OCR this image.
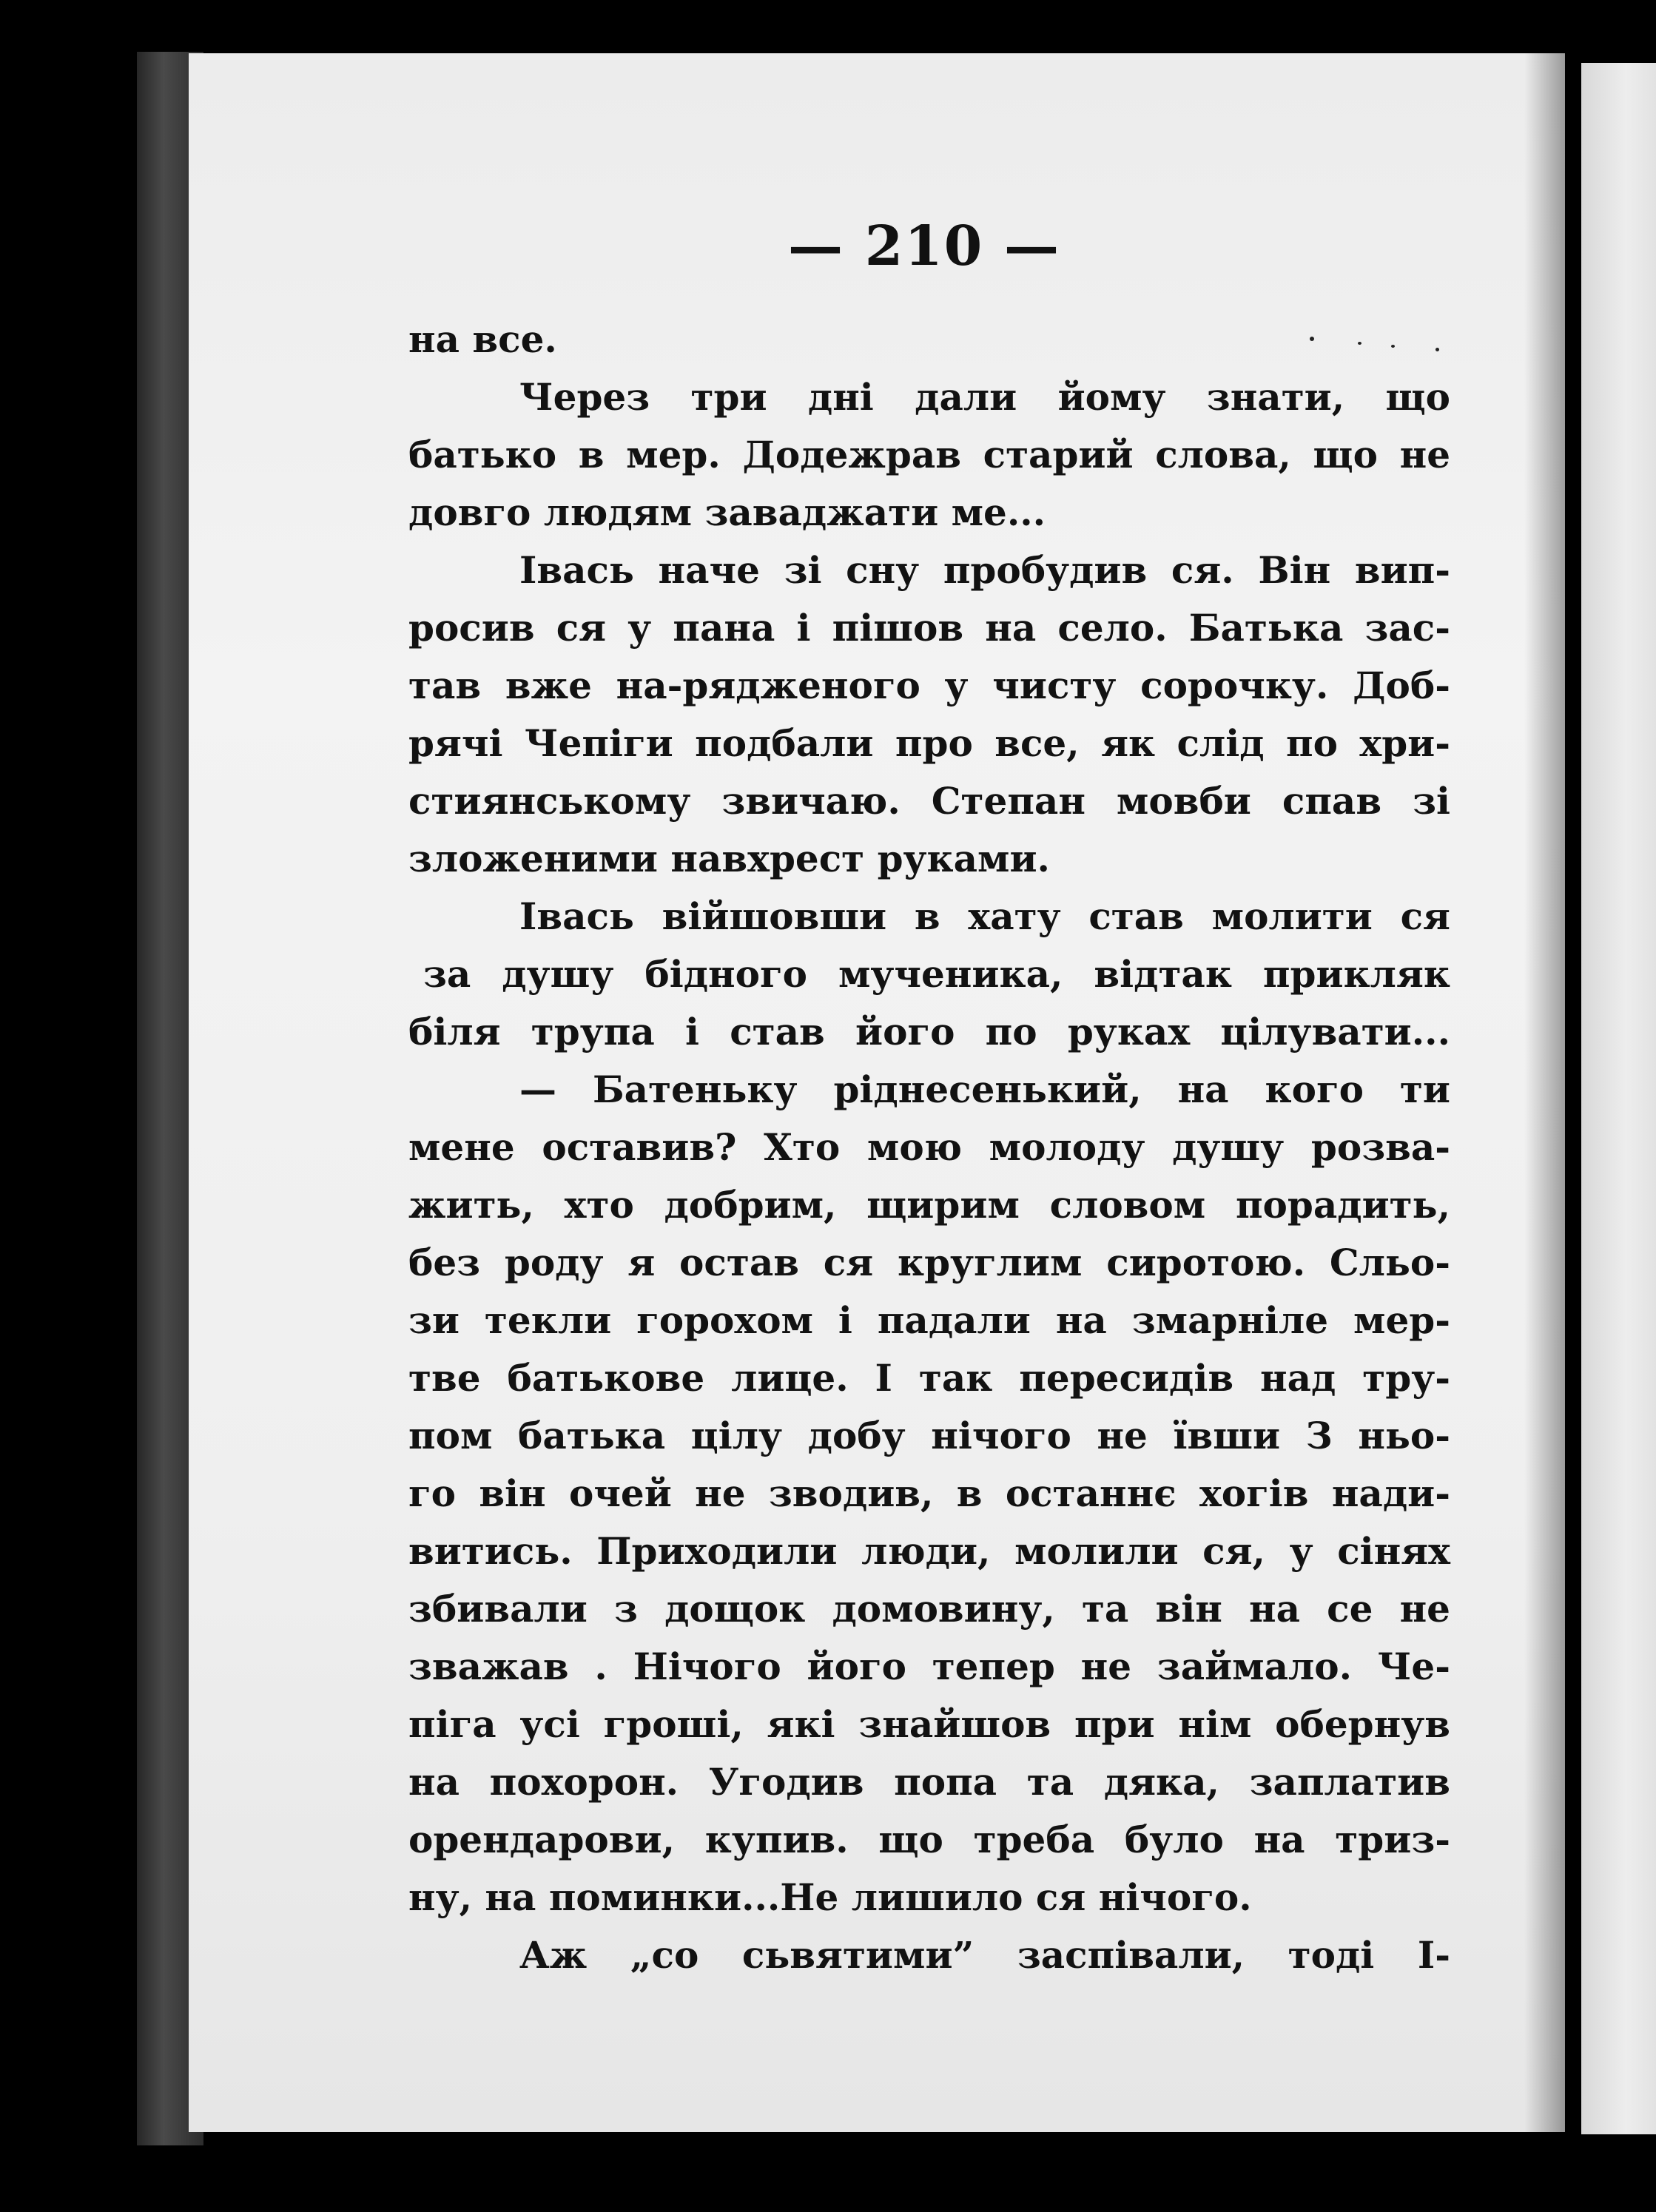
— 210 —
на все.
Через три дні дали йому знати, що
батько в мер. Додежрав старий слова, що не
довго людям заваджати ме...
Івась наче зі сну пробудив ся. Він вип-
росив ся у пана і пішов на село. Батька зас-
тав вже на-ряджeного у чисту сорочку. Доб-
рячі Чепіги подбали про все, як слід по хри-
стиянському звичаю. Степан мовби спав зі
зложеними навхрест руками.
Івась війшовши в хату став молити ся
за душу бідного мученика, відтак прикляк
біля трупа і став його по руках цілувати...
— Батеньку ріднесенький, на кого ти
мене оставив? Хто мою молоду душу розва-
жить, хто добрим, щирим словом порадить,
без роду я остав ся круглим сиротою. Сльо-
зи текли горохом і падали на змарніле мер-
тве батькове лице. І так пересидів над тру-
пом батька цілу добу нічого не ївши З ньо-
го він очей не зводив, в останнє хогів нади-
витись. Приходили люди, молили ся, у сінях
збивали з дощок домовину, та він на се не
зважав . Нічого його тепер не займало. Че-
піга усі гроші, які знайшов при нім обернув
на похорон. Угодив попа та дяка, заплатив
орендарови, купив. що треба було на триз-
ну, на поминки...Не лишило ся нічого.
Аж „со сьвятими” заспівали, тоді І-
